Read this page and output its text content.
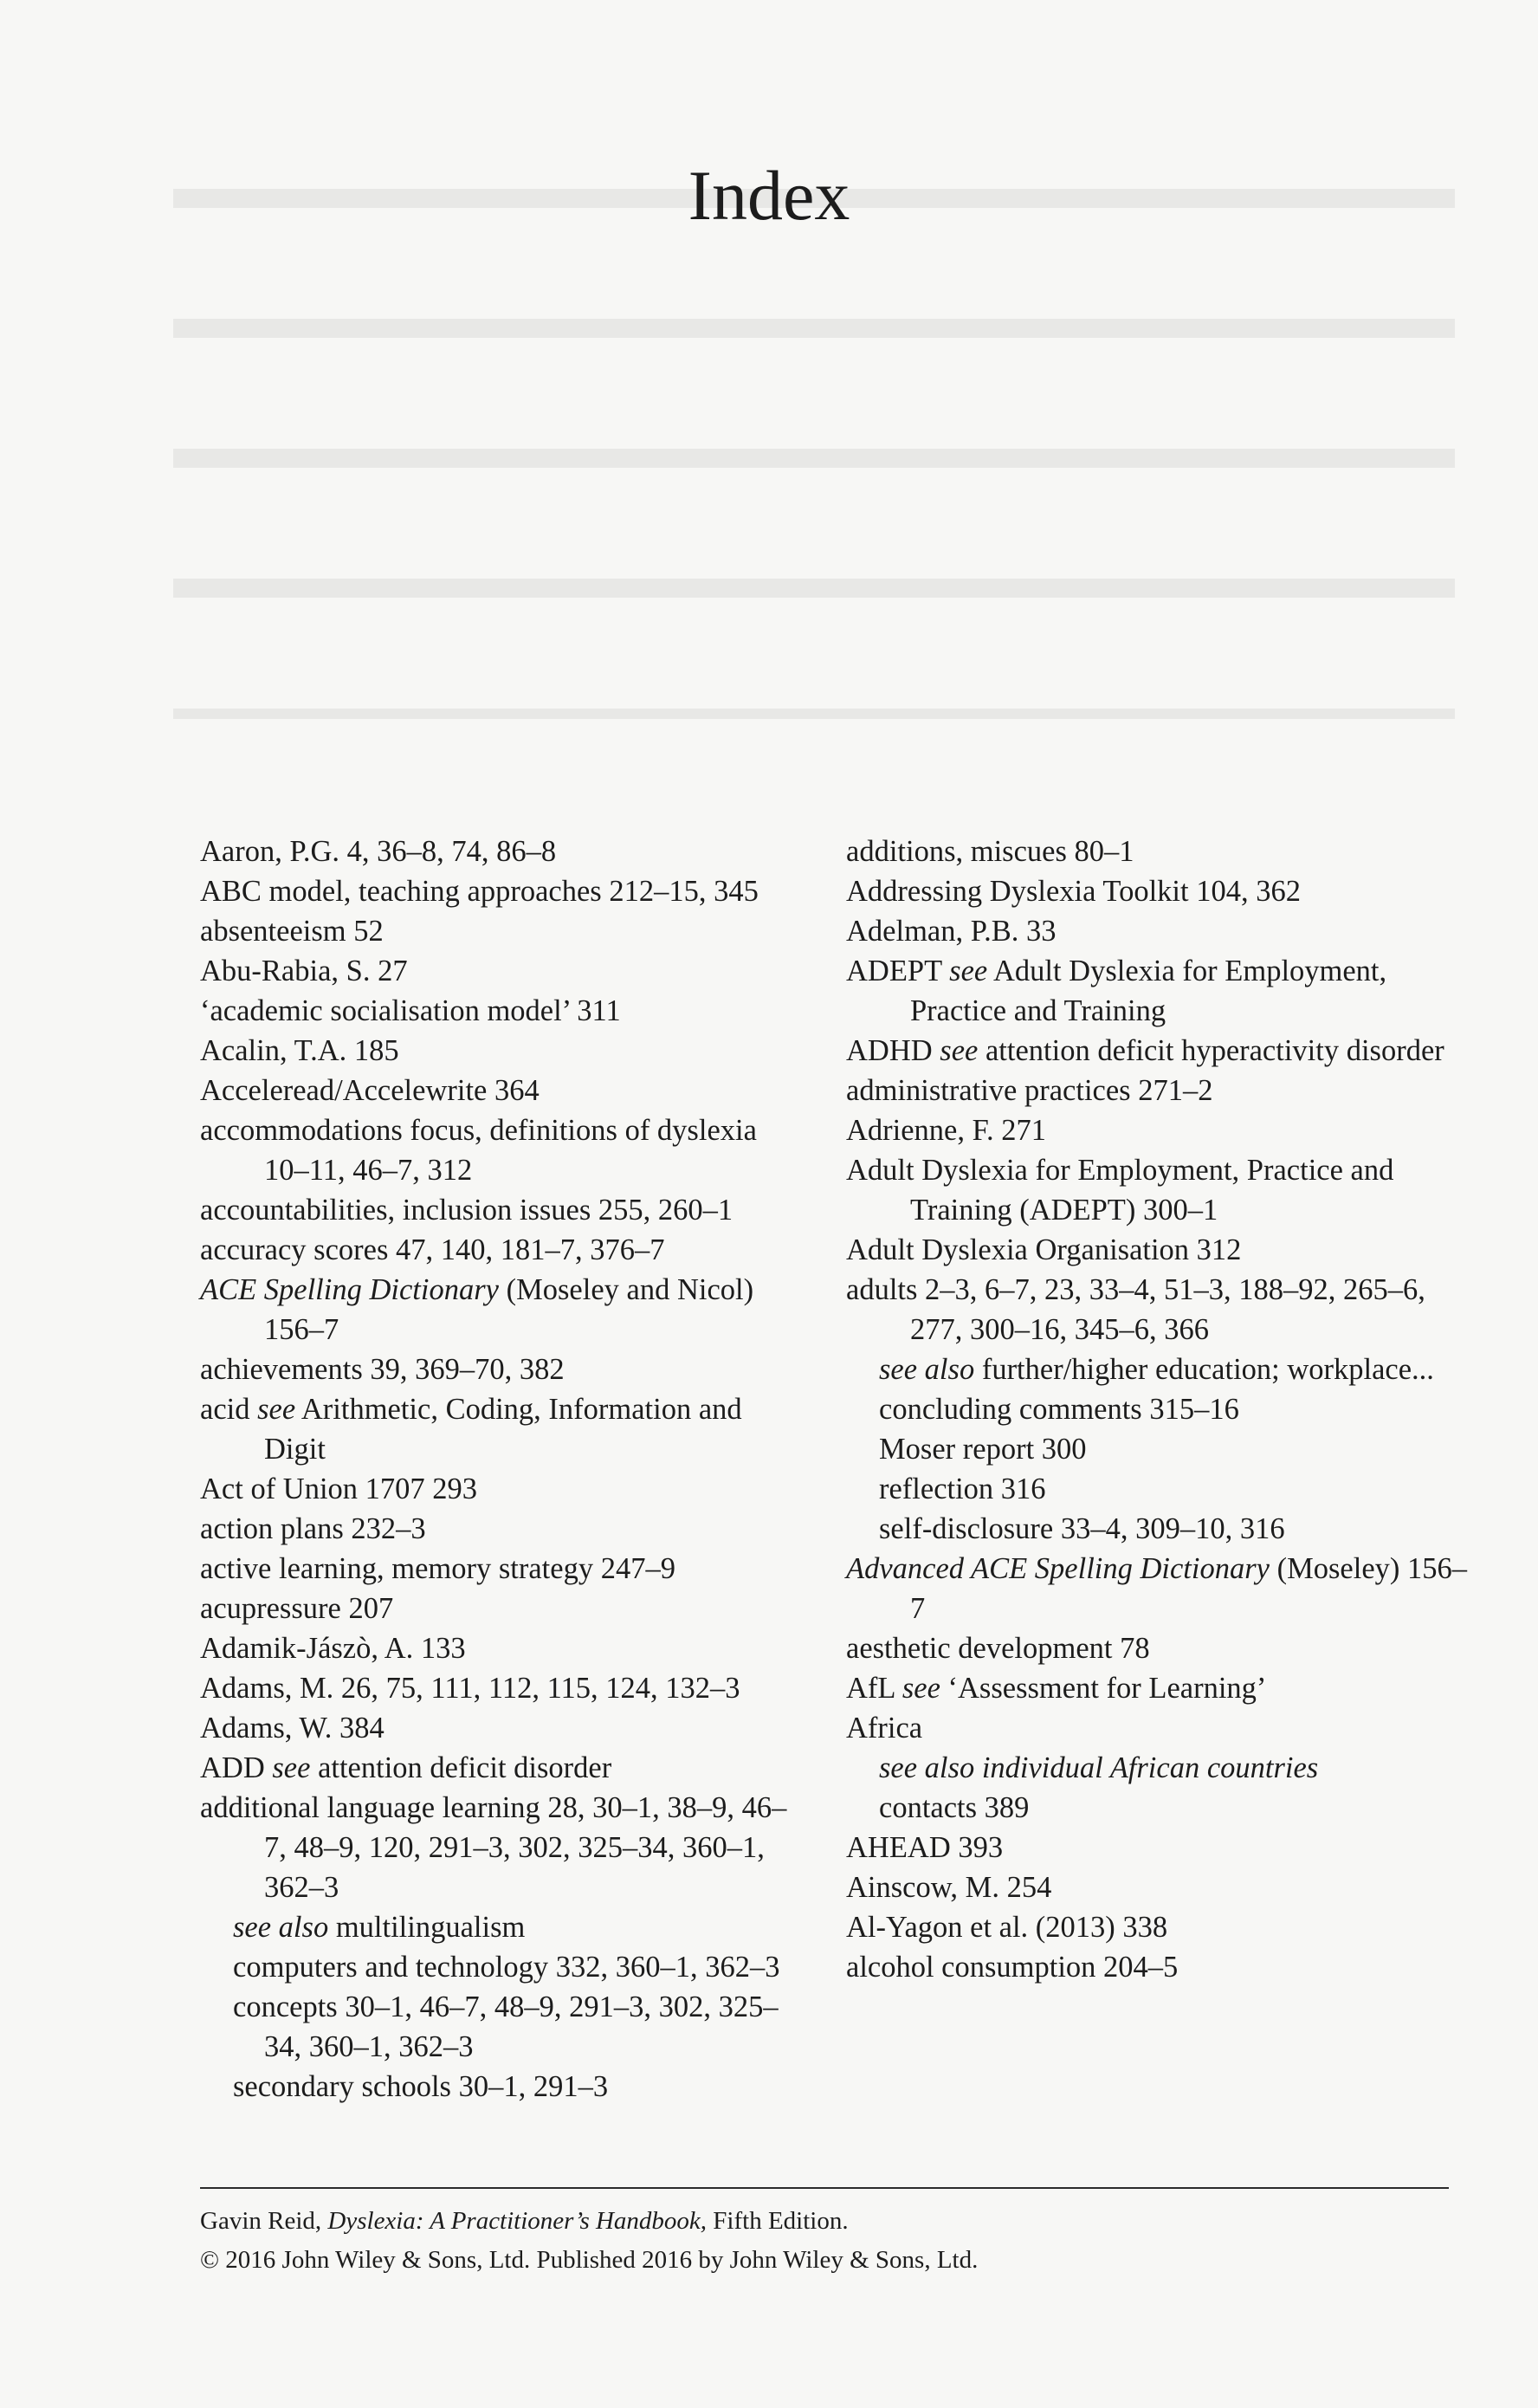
Index

Aaron, P.G. 4, 36–8, 74, 86–8

ABC model, teaching approaches 212–15, 345

absenteeism 52

Abu-Rabia, S. 27

‘academic socialisation model’ 311

Acalin, T.A. 185

Acceleread/Accelewrite 364

accommodations focus, definitions of dyslexia 10–11, 46–7, 312

accountabilities, inclusion issues 255, 260–1

accuracy scores 47, 140, 181–7, 376–7

ACE Spelling Dictionary (Moseley and Nicol) 156–7

achievements 39, 369–70, 382

acid see Arithmetic, Coding, Information and Digit

Act of Union 1707 293

action plans 232–3

active learning, memory strategy 247–9

acupressure 207

Adamik-Jászò, A. 133

Adams, M. 26, 75, 111, 112, 115, 124, 132–3

Adams, W. 384

ADD see attention deficit disorder

additional language learning 28, 30–1, 38–9, 46–7, 48–9, 120, 291–3, 302, 325–34, 360–1, 362–3

see also multilingualism

computers and technology 332, 360–1, 362–3

concepts 30–1, 46–7, 48–9, 291–3, 302, 325–34, 360–1, 362–3

secondary schools 30–1, 291–3

additions, miscues 80–1

Addressing Dyslexia Toolkit 104, 362

Adelman, P.B. 33

ADEPT see Adult Dyslexia for Employment, Practice and Training

ADHD see attention deficit hyperactivity disorder

administrative practices 271–2

Adrienne, F. 271

Adult Dyslexia for Employment, Practice and Training (ADEPT) 300–1

Adult Dyslexia Organisation 312

adults 2–3, 6–7, 23, 33–4, 51–3, 188–92, 265–6, 277, 300–16, 345–6, 366

see also further/higher education; workplace...

concluding comments 315–16

Moser report 300

reflection 316

self-disclosure 33–4, 309–10, 316

Advanced ACE Spelling Dictionary (Moseley) 156–7

aesthetic development 78

AfL see ‘Assessment for Learning’

Africa

see also individual African countries

contacts 389

AHEAD 393

Ainscow, M. 254

Al-Yagon et al. (2013) 338

alcohol consumption 204–5

Gavin Reid, Dyslexia: A Practitioner’s Handbook, Fifth Edition.

© 2016 John Wiley & Sons, Ltd. Published 2016 by John Wiley & Sons, Ltd.
